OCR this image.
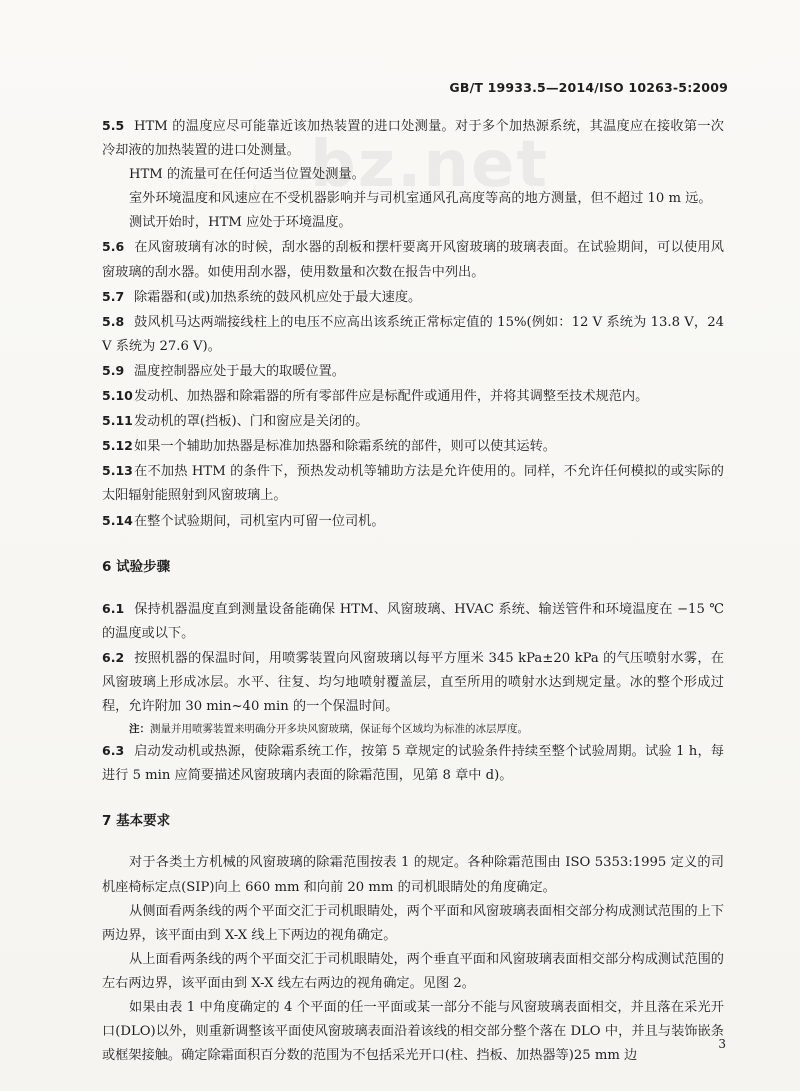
GB/T 19933.5—2014/ISO 10263-5:2009
bz.net

5.5 HTM 的温度应尽可能靠近该加热装置的进口处测量。对于多个加热源系统，其温度应在接收第一次冷却液的加热装置的进口处测量。

HTM 的流量可在任何适当位置处测量。

室外环境温度和风速应在不受机器影响并与司机室通风孔高度等高的地方测量，但不超过 10 m 远。

测试开始时，HTM 应处于环境温度。

5.6 在风窗玻璃有冰的时候，刮水器的刮板和摆杆要离开风窗玻璃的玻璃表面。在试验期间，可以使用风窗玻璃的刮水器。如使用刮水器，使用数量和次数在报告中列出。

5.7 除霜器和(或)加热系统的鼓风机应处于最大速度。

5.8 鼓风机马达两端接线柱上的电压不应高出该系统正常标定值的 15%(例如：12 V 系统为 13.8 V，24 V 系统为 27.6 V)。

5.9 温度控制器应处于最大的取暖位置。

5.10发动机、加热器和除霜器的所有零部件应是标配件或通用件，并将其调整至技术规范内。

5.11发动机的罩(挡板)、门和窗应是关闭的。

5.12如果一个辅助加热器是标准加热器和除霜系统的部件，则可以使其运转。

5.13在不加热 HTM 的条件下，预热发动机等辅助方法是允许使用的。同样，不允许任何模拟的或实际的太阳辐射能照射到风窗玻璃上。

5.14在整个试验期间，司机室内可留一位司机。

6 试验步骤

6.1 保持机器温度直到测量设备能确保 HTM、风窗玻璃、HVAC 系统、输送管件和环境温度在 −15 ℃ 的温度或以下。

6.2 按照机器的保温时间，用喷雾装置向风窗玻璃以每平方厘米 345 kPa±20 kPa 的气压喷射水雾，在风窗玻璃上形成冰层。水平、往复、均匀地喷射覆盖层，直至所用的喷射水达到规定量。冰的整个形成过程，允许附加 30 min~40 min 的一个保温时间。

注：测量并用喷雾装置来明确分开多块风窗玻璃，保证每个区域均为标准的冰层厚度。

6.3 启动发动机或热源，使除霜系统工作，按第 5 章规定的试验条件持续至整个试验周期。试验 1 h，每进行 5 min 应简要描述风窗玻璃内表面的除霜范围，见第 8 章中 d)。

7 基本要求

对于各类土方机械的风窗玻璃的除霜范围按表 1 的规定。各种除霜范围由 ISO 5353:1995 定义的司机座椅标定点(SIP)向上 660 mm 和向前 20 mm 的司机眼睛处的角度确定。

从侧面看两条线的两个平面交汇于司机眼睛处，两个平面和风窗玻璃表面相交部分构成测试范围的上下两边界，该平面由到 X-X 线上下两边的视角确定。

从上面看两条线的两个平面交汇于司机眼睛处，两个垂直平面和风窗玻璃表面相交部分构成测试范围的左右两边界，该平面由到 X-X 线左右两边的视角确定。见图 2。

如果由表 1 中角度确定的 4 个平面的任一平面或某一部分不能与风窗玻璃表面相交，并且落在采光开口(DLO)以外，则重新调整该平面使风窗玻璃表面沿着该线的相交部分整个落在 DLO 中，并且与装饰嵌条或框架接触。确定除霜面积百分数的范围为不包括采光开口(柱、挡板、加热器等)25 mm 边

3
